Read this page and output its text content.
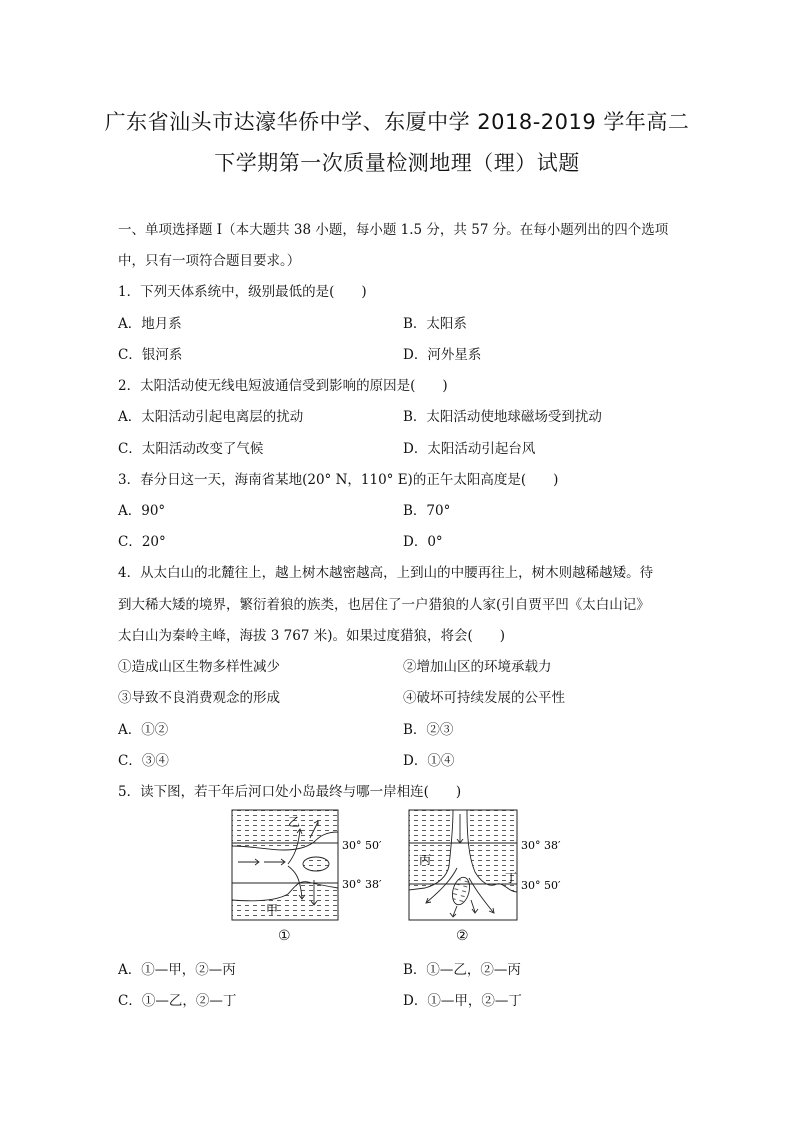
广东省汕头市达濠华侨中学、东厦中学 2018-2019 学年高二
下学期第一次质量检测地理（理）试题
一、单项选择题 I（本大题共 38 小题，每小题 1.5 分，共 57 分。在每小题列出的四个选项
中，只有一项符合题目要求。）
1．下列天体系统中，级别最低的是(　　)
A．地月系	B．太阳系
C．银河系	D．河外星系
2．太阳活动使无线电短波通信受到影响的原因是(　　)
A．太阳活动引起电离层的扰动	B．太阳活动使地球磁场受到扰动
C．太阳活动改变了气候	D．太阳活动引起台风
3．春分日这一天，海南省某地(20° N，110° E)的正午太阳高度是(　　)
A．90°	B．70°
C．20°	D．0°
4．从太白山的北麓往上，越上树木越密越高，上到山的中腰再往上，树木则越稀越矮。待
到大稀大矮的境界，繁衍着狼的族类，也居住了一户猎狼的人家(引自贾平凹《太白山记》
太白山为秦岭主峰，海拔 3 767 米)。如果过度猎狼，将会(　　)
①造成山区生物多样性减少	②增加山区的环境承载力
③导致不良消费观念的形成	④破坏可持续发展的公平性
A．①②	B．②③
C．③④	D．①④
5．读下图，若干年后河口处小岛最终与哪一岸相连(　　)
乙
甲
30° 50′
30° 38′
①
丙
丁
30° 38′
30° 50′
②
A．①—甲，②—丙	B．①—乙，②—丙
C．①—乙，②—丁	D．①—甲，②—丁
